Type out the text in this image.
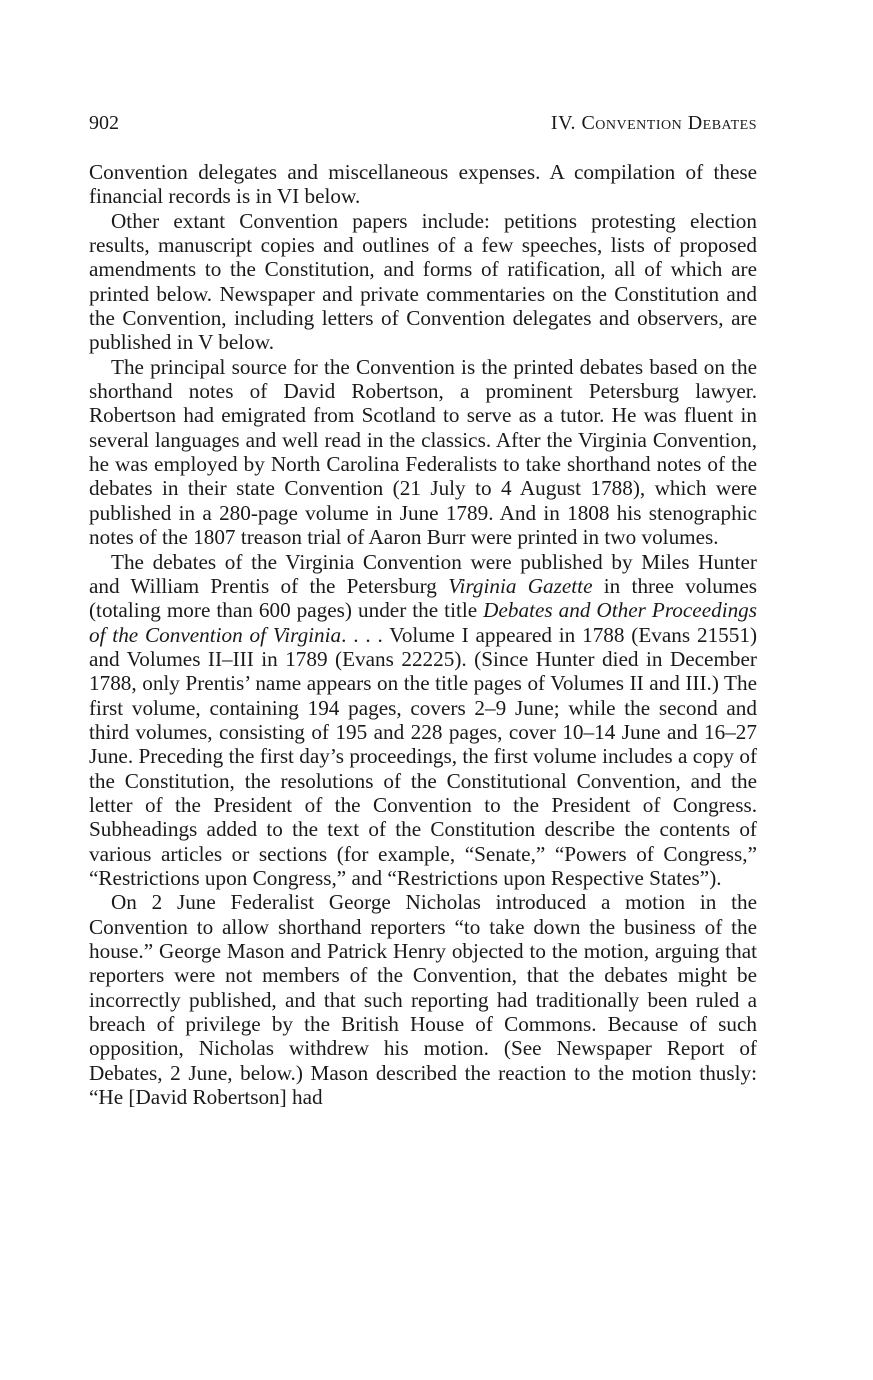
902	IV. Convention Debates

Convention delegates and miscellaneous expenses. A compilation of these financial records is in VI below.

Other extant Convention papers include: petitions protesting election results, manuscript copies and outlines of a few speeches, lists of proposed amendments to the Constitution, and forms of ratification, all of which are printed below. Newspaper and private commentaries on the Constitution and the Convention, including letters of Convention delegates and observers, are published in V below.

The principal source for the Convention is the printed debates based on the shorthand notes of David Robertson, a prominent Petersburg lawyer. Robertson had emigrated from Scotland to serve as a tutor. He was fluent in several languages and well read in the classics. After the Virginia Convention, he was employed by North Carolina Federalists to take shorthand notes of the debates in their state Convention (21 July to 4 August 1788), which were published in a 280-page volume in June 1789. And in 1808 his stenographic notes of the 1807 treason trial of Aaron Burr were printed in two volumes.

The debates of the Virginia Convention were published by Miles Hunter and William Prentis of the Petersburg Virginia Gazette in three volumes (totaling more than 600 pages) under the title Debates and Other Proceedings of the Convention of Virginia. . . . Volume I appeared in 1788 (Evans 21551) and Volumes II–III in 1789 (Evans 22225). (Since Hunter died in December 1788, only Prentis’ name appears on the title pages of Volumes II and III.) The first volume, containing 194 pages, covers 2–9 June; while the second and third volumes, consisting of 195 and 228 pages, cover 10–14 June and 16–27 June. Preceding the first day’s proceedings, the first volume includes a copy of the Constitution, the resolutions of the Constitutional Convention, and the letter of the President of the Convention to the President of Congress. Subheadings added to the text of the Constitution describe the contents of various articles or sections (for example, “Senate,” “Powers of Congress,” “Restrictions upon Congress,” and “Restrictions upon Respective States”).

On 2 June Federalist George Nicholas introduced a motion in the Convention to allow shorthand reporters “to take down the business of the house.” George Mason and Patrick Henry objected to the motion, arguing that reporters were not members of the Convention, that the debates might be incorrectly published, and that such reporting had traditionally been ruled a breach of privilege by the British House of Commons. Because of such opposition, Nicholas withdrew his motion. (See Newspaper Report of Debates, 2 June, below.) Mason described the reaction to the motion thusly: “He [David Robertson] had
